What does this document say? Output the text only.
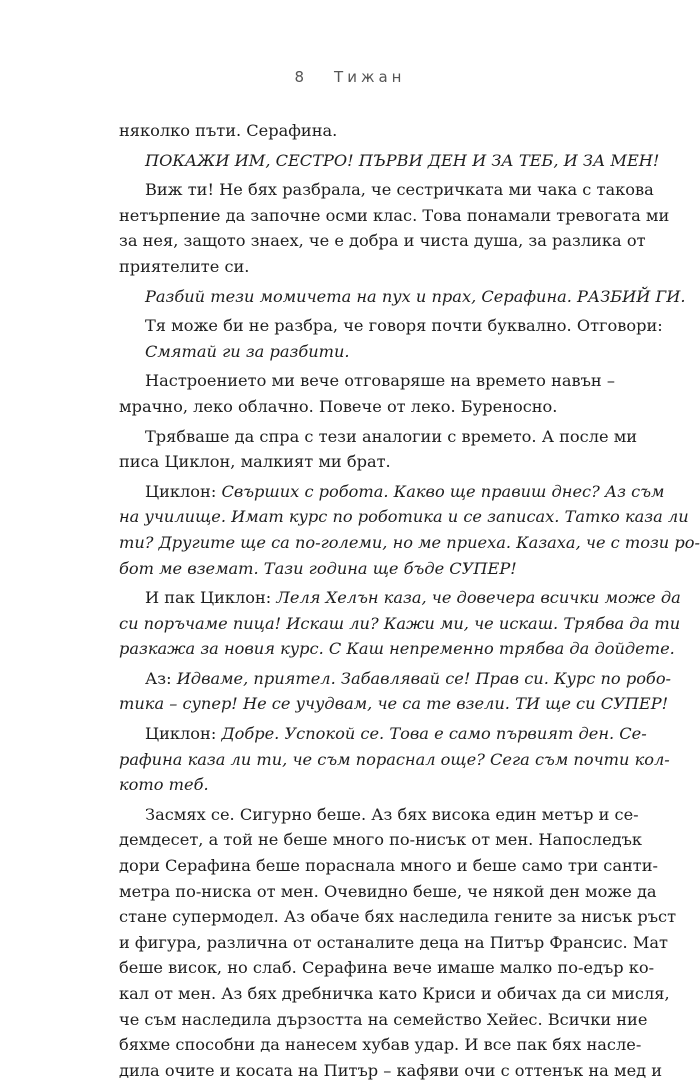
8 Тижан
няколко пъти. Серафина.
ПОКАЖИ ИМ, СЕСТРО! ПЪРВИ ДЕН И ЗА ТЕБ, И ЗА МЕН!
Виж ти! Не бях разбрала, че сестричката ми чака с такова
нетърпение да започне осми клас. Това понамали тревогата ми
за нея, защото знаех, че е добра и чиста душа, за разлика от
приятелите си.
Разбий тези момичета на пух и прах, Серафина. РАЗБИЙ ГИ.
Тя може би не разбра, че говоря почти буквално. Отговори:
Смятай ги за разбити.
Настроението ми вече отговаряше на времето навън –
мрачно, леко облачно. Повече от леко. Буреносно.
Трябваше да спра с тези аналогии с времето. А после ми
писа Циклон, малкият ми брат.
Циклон: Свърших с робота. Какво ще правиш днес? Аз съм
на училище. Имат курс по роботика и се записах. Татко каза ли
ти? Другите ще са по-големи, но ме приеха. Казаха, че с този ро-
бот ме вземат. Тази година ще бъде СУПЕР!
И пак Циклон: Леля Хелън каза, че довечера всички може да
си поръчаме пица! Искаш ли? Кажи ми, че искаш. Трябва да ти
разкажа за новия курс. С Каш непременно трябва да дойдете.
Аз: Идваме, приятел. Забавлявай се! Прав си. Курс по робо-
тика – супер! Не се учудвам, че са те взели. ТИ ще си СУПЕР!
Циклон: Добре. Успокой се. Това е само първият ден. Се-
рафина каза ли ти, че съм пораснал още? Сега съм почти кол-
кото теб.
Засмях се. Сигурно беше. Аз бях висока един метър и се-
демдесет, а той не беше много по-нисък от мен. Напоследък
дори Серафина беше пораснала много и беше само три санти-
метра по-ниска от мен. Очевидно беше, че някой ден може да
стане супермодел. Аз обаче бях наследила гените за нисък ръст
и фигура, различна от останалите деца на Питър Франсис. Мат
беше висок, но слаб. Серафина вече имаше малко по-едър ко-
кал от мен. Аз бях дребничка като Криси и обичах да си мисля,
че съм наследила дързостта на семейство Хейес. Всички ние
бяхме способни да нанесем хубав удар. И все пак бях насле-
дила очите и косата на Питър – кафяви очи с оттенък на мед и
